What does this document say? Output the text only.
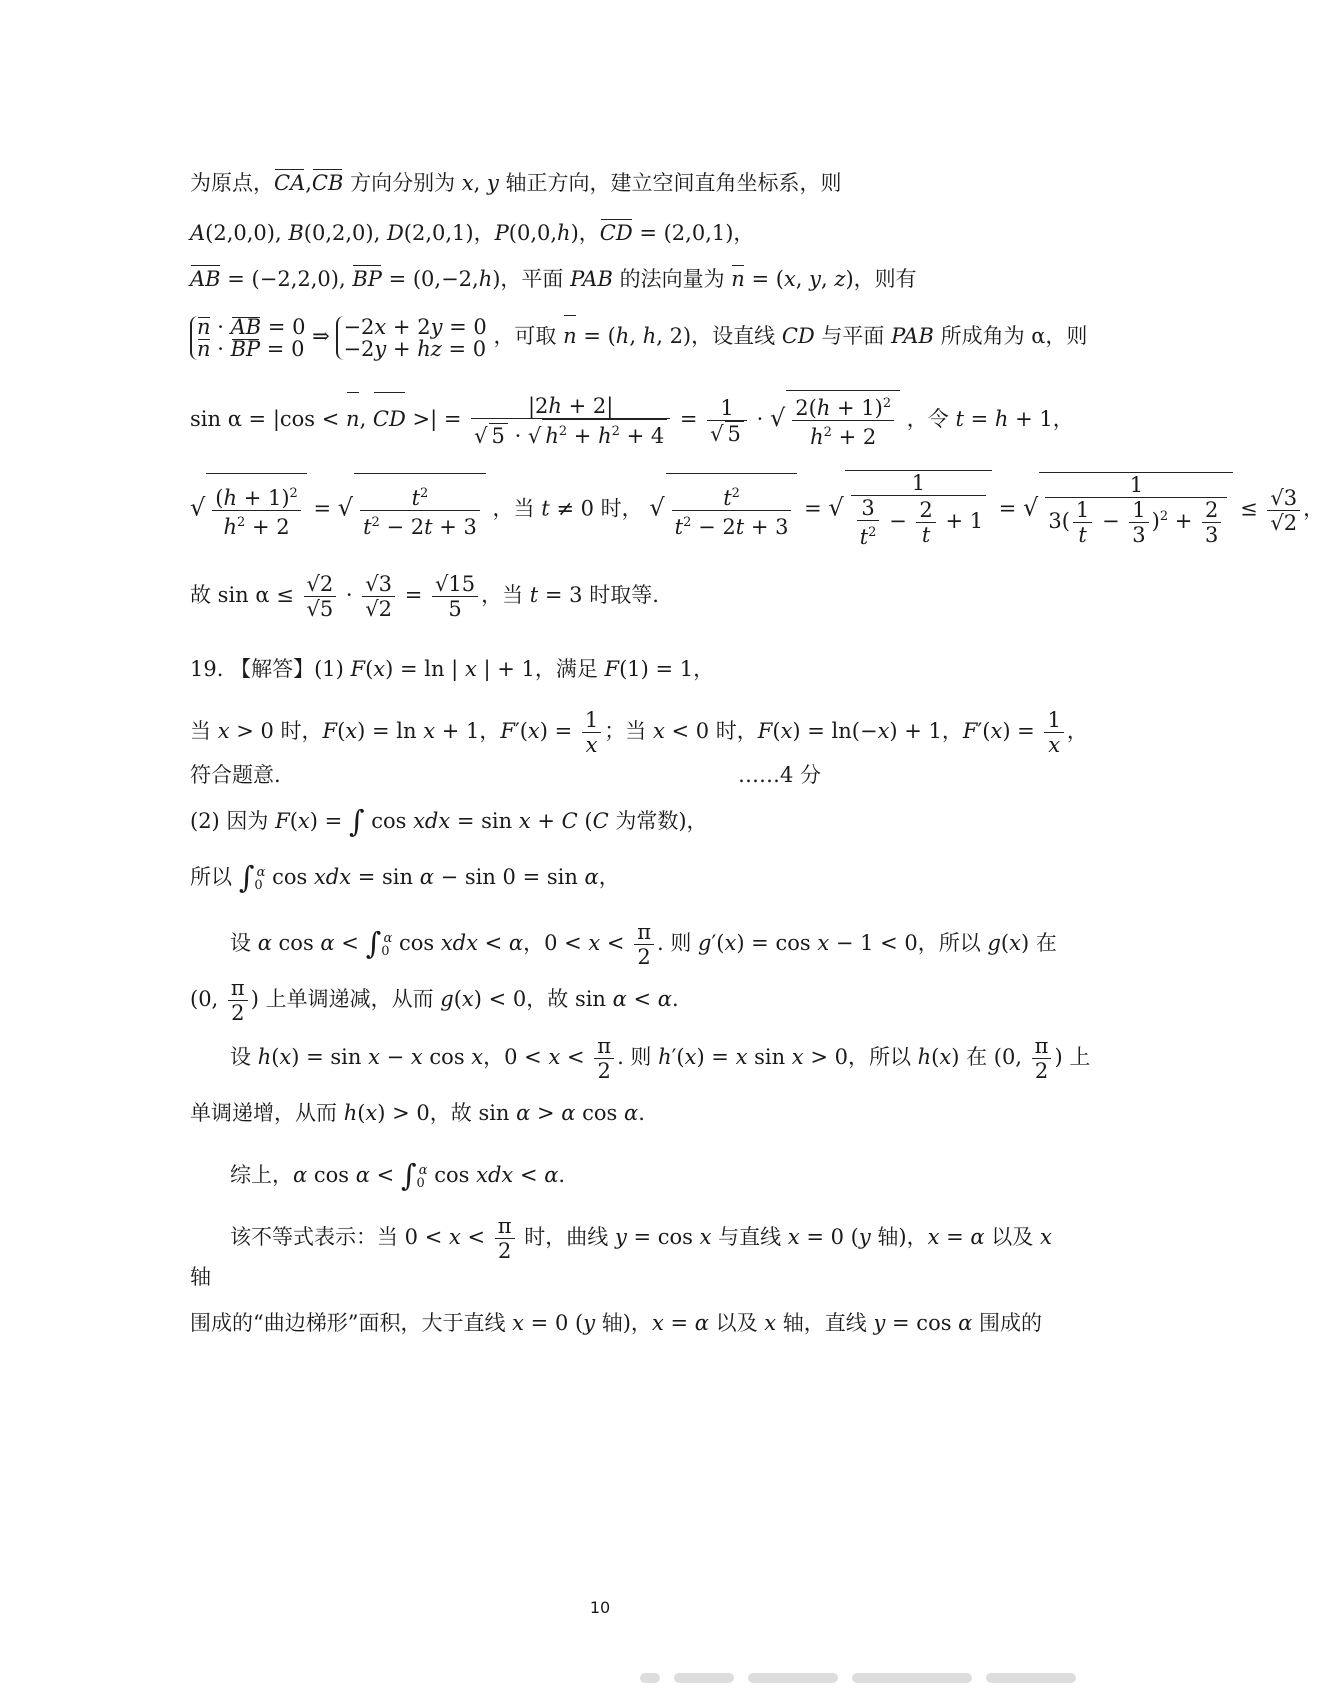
为原点，CA,CB 方向分别为 x, y 轴正方向，建立空间直角坐标系，则
A(2,0,0), B(0,2,0), D(2,0,1)，P(0,0,h)，CD = (2,0,1)，
AB = (−2,2,0), BP = (0,−2,h)，平面 PAB 的法向量为 n = (x, y, z)，则有
n · AB = 0
n · BP = 0
⇒ −2x + 2y = 0
−2y + hz = 0
，可取 n = (h, h, 2)，设直线 CD 与平面 PAB 所成角为 α，则
sin α = |cos < n, CD >| = $\frac{|2h + 2|}{√ 5 \cdot √ h^2 + h^2 + 4} = \frac{1}{√ 5}$ · √ $\frac{2(h + 1)^2}{h^2 + 2}$ ，令 t = h + 1，
√ $\frac{(h + 1)^2}{h^2 + 2}$ = √ $\frac{t^2}{t^2 - 2t + 3}$ ，当 t ≠ 0 时， √ $\frac{t^2}{t^2 - 2t + 3}$ = √ $\frac{1}{\frac{3}{t^2} - \frac{2}{t} + 1}$ = √ $\frac{1}{3( \frac{1}{t} - \frac{1}{3} )^2 + \frac{2}{3}} \le \frac{√3}{√2}$ ，
故 $\sin \alpha \le \frac{√2}{√5} \cdot \frac{√3}{√2} = \frac{√15}{5}$ ，当 t = 3 时取等.
19. 【解答】(1) F(x) = ln | x | + 1，满足 F(1) = 1，
当 x > 0 时，F(x) = ln x + 1，$F'(x) = \frac{1}{x}$ ；当 x < 0 时，F(x) = ln(−x) + 1，$F'(x) = \frac{1}{x}$ ，
符合题意.	……4 分
(2) 因为 F(x) = ∫ cos xdx = sin x + C (C 为常数)，
所以 $\int_0^\alpha$ cos xdx = sin α − sin 0 = sin α，
设 α $\cos \alpha < \int_0^\alpha$ cos xdx < α，$0 < x < \frac{\pi}{2}$ . 则 g′(x) = cos x − 1 < 0，所以 g(x) 在
(0, $\frac{\pi}{2}$ ) 上单调递减，从而 g(x) < 0，故 sin α < α.
设 h(x) = sin x − x cos x，$0 < x < \frac{\pi}{2}$ . 则 h′(x) = x sin x > 0，所以 h(x) 在 (0, $\frac{\pi}{2}$ ) 上
单调递增，从而 h(x) > 0，故 sin α > α cos α.
综上，α $\cos \alpha < \int_0^\alpha$ cos xdx < α.
该不等式表示：当 $0 < x < \frac{\pi}{2}$ 时，曲线 y = cos x 与直线 x = 0 (y 轴)，x = α 以及 x
轴
围成的“曲边梯形”面积，大于直线 x = 0 (y 轴)，x = α 以及 x 轴，直线 y = cos α 围成的
10
